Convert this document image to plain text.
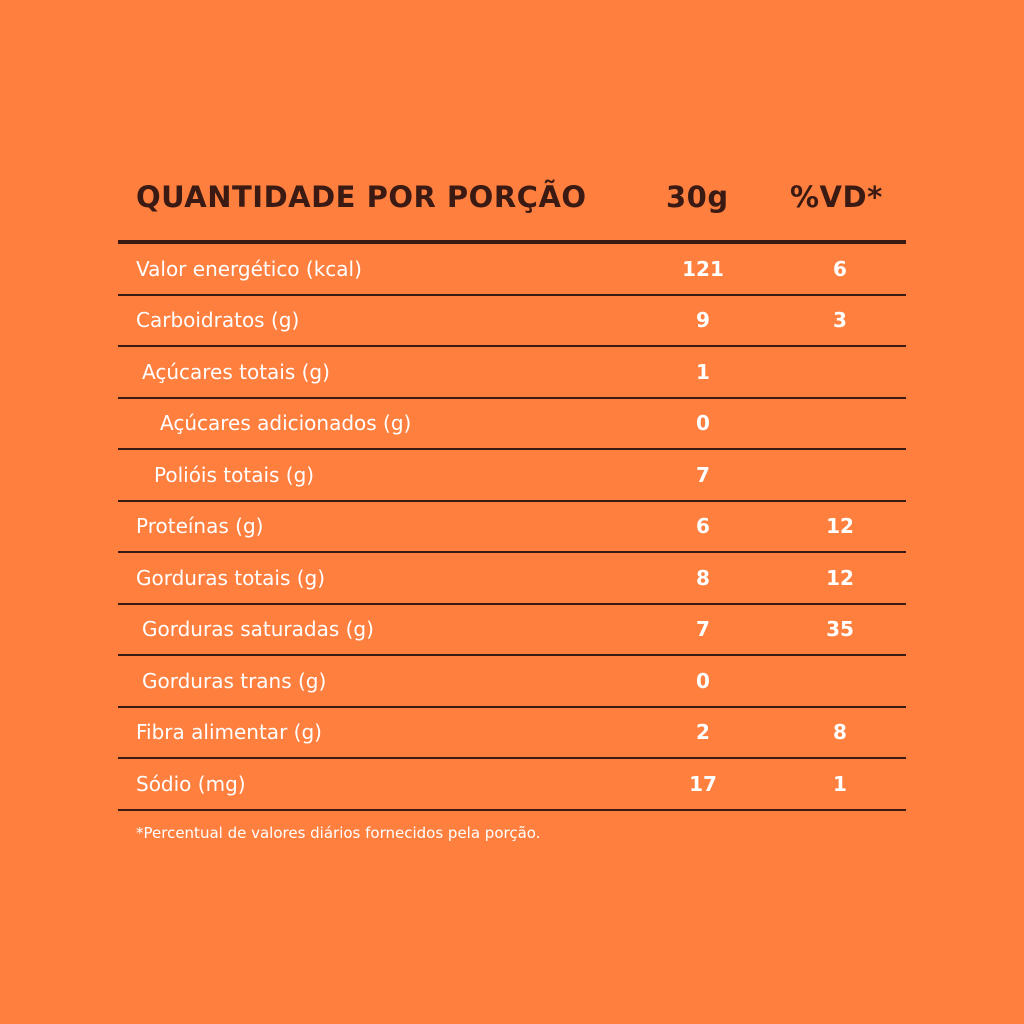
QUANTIDADE POR PORÇÃO	30g %VD*
Valor energético (kcal)	121	6
Carboidratos (g)	9	3
Açúcares totais (g)	1
Açúcares adicionados (g)	0
Polióis totais (g)	7
Proteínas (g)	6	12
Gorduras totais (g)	8	12
Gorduras saturadas (g)	7	35
Gorduras trans (g)	0
Fibra alimentar (g)	2	8
Sódio (mg)	17	1
*Percentual de valores diários fornecidos pela porção.
